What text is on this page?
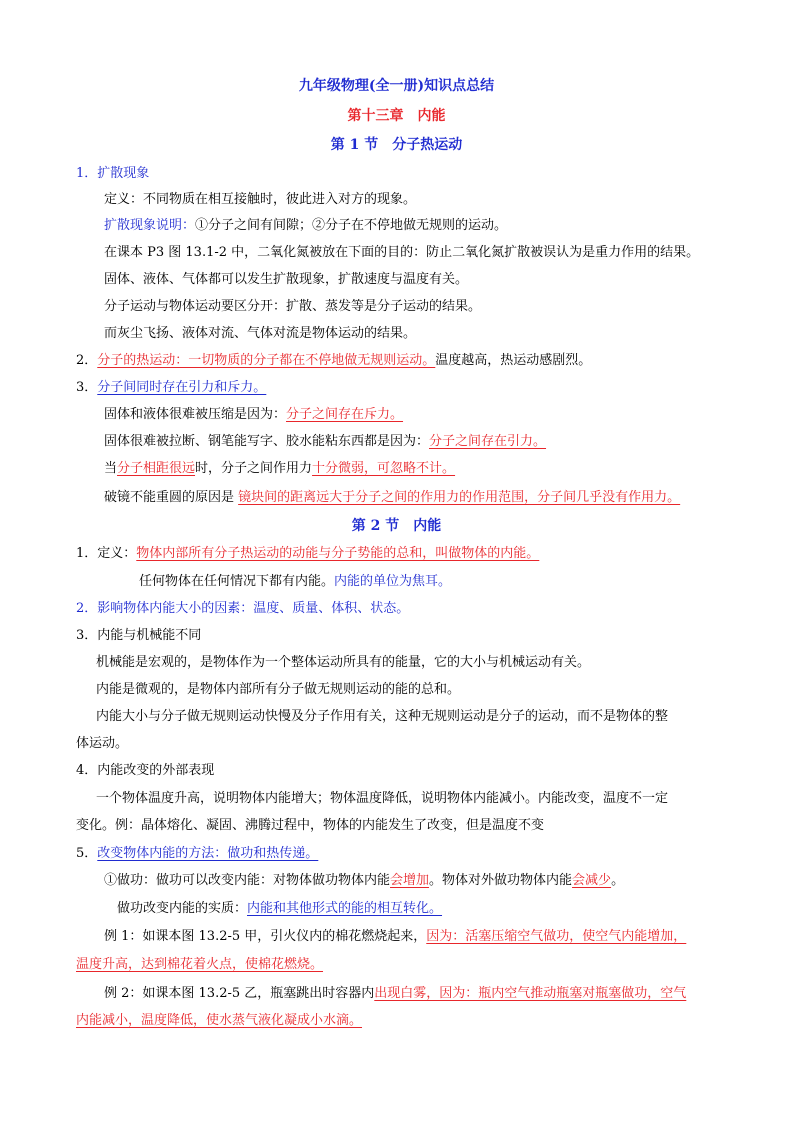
九年级物理(全一册)知识点总结
第十三章　内能
第 1 节　分子热运动
1．扩散现象
定义：不同物质在相互接触时，彼此进入对方的现象。
扩散现象说明：①分子之间有间隙；②分子在不停地做无规则的运动。
在课本 P3 图 13.1-2 中，二氧化氮被放在下面的目的：防止二氧化氮扩散被误认为是重力作用的结果。
固体、液体、气体都可以发生扩散现象，扩散速度与温度有关。
分子运动与物体运动要区分开：扩散、蒸发等是分子运动的结果。
而灰尘飞扬、液体对流、气体对流是物体运动的结果。
2．分子的热运动：一切物质的分子都在不停地做无规则运动。温度越高，热运动感剧烈。
3．分子间同时存在引力和斥力。
固体和液体很难被压缩是因为：分子之间存在斥力。
固体很难被拉断、钢笔能写字、胶水能粘东西都是因为：分子之间存在引力。
当分子相距很远时，分子之间作用力十分微弱，可忽略不计。
破镜不能重圆的原因是 镜块间的距离远大于分子之间的作用力的作用范围，分子间几乎没有作用力。
第 2 节　内能
1．定义：物体内部所有分子热运动的动能与分子势能的总和，叫做物体的内能。
任何物体在任何情况下都有内能。内能的单位为焦耳。
2．影响物体内能大小的因素：温度、质量、体积、状态。
3．内能与机械能不同
机械能是宏观的，是物体作为一个整体运动所具有的能量，它的大小与机械运动有关。
内能是微观的，是物体内部所有分子做无规则运动的能的总和。
内能大小与分子做无规则运动快慢及分子作用有关，这种无规则运动是分子的运动，而不是物体的整
体运动。
4．内能改变的外部表现
一个物体温度升高，说明物体内能增大；物体温度降低，说明物体内能减小。内能改变，温度不一定
变化。例：晶体熔化、凝固、沸腾过程中，物体的内能发生了改变，但是温度不变
5．改变物体内能的方法：做功和热传递。
①做功：做功可以改变内能：对物体做功物体内能会增加。物体对外做功物体内能会减少。
做功改变内能的实质：内能和其他形式的能的相互转化。
例 1：如课本图 13.2-5 甲，引火仪内的棉花燃烧起来，因为：活塞压缩空气做功，使空气内能增加，
温度升高，达到棉花着火点，使棉花燃烧。
例 2：如课本图 13.2-5 乙，瓶塞跳出时容器内出现白雾，因为：瓶内空气推动瓶塞对瓶塞做功，空气
内能减小，温度降低，使水蒸气液化凝成小水滴。
